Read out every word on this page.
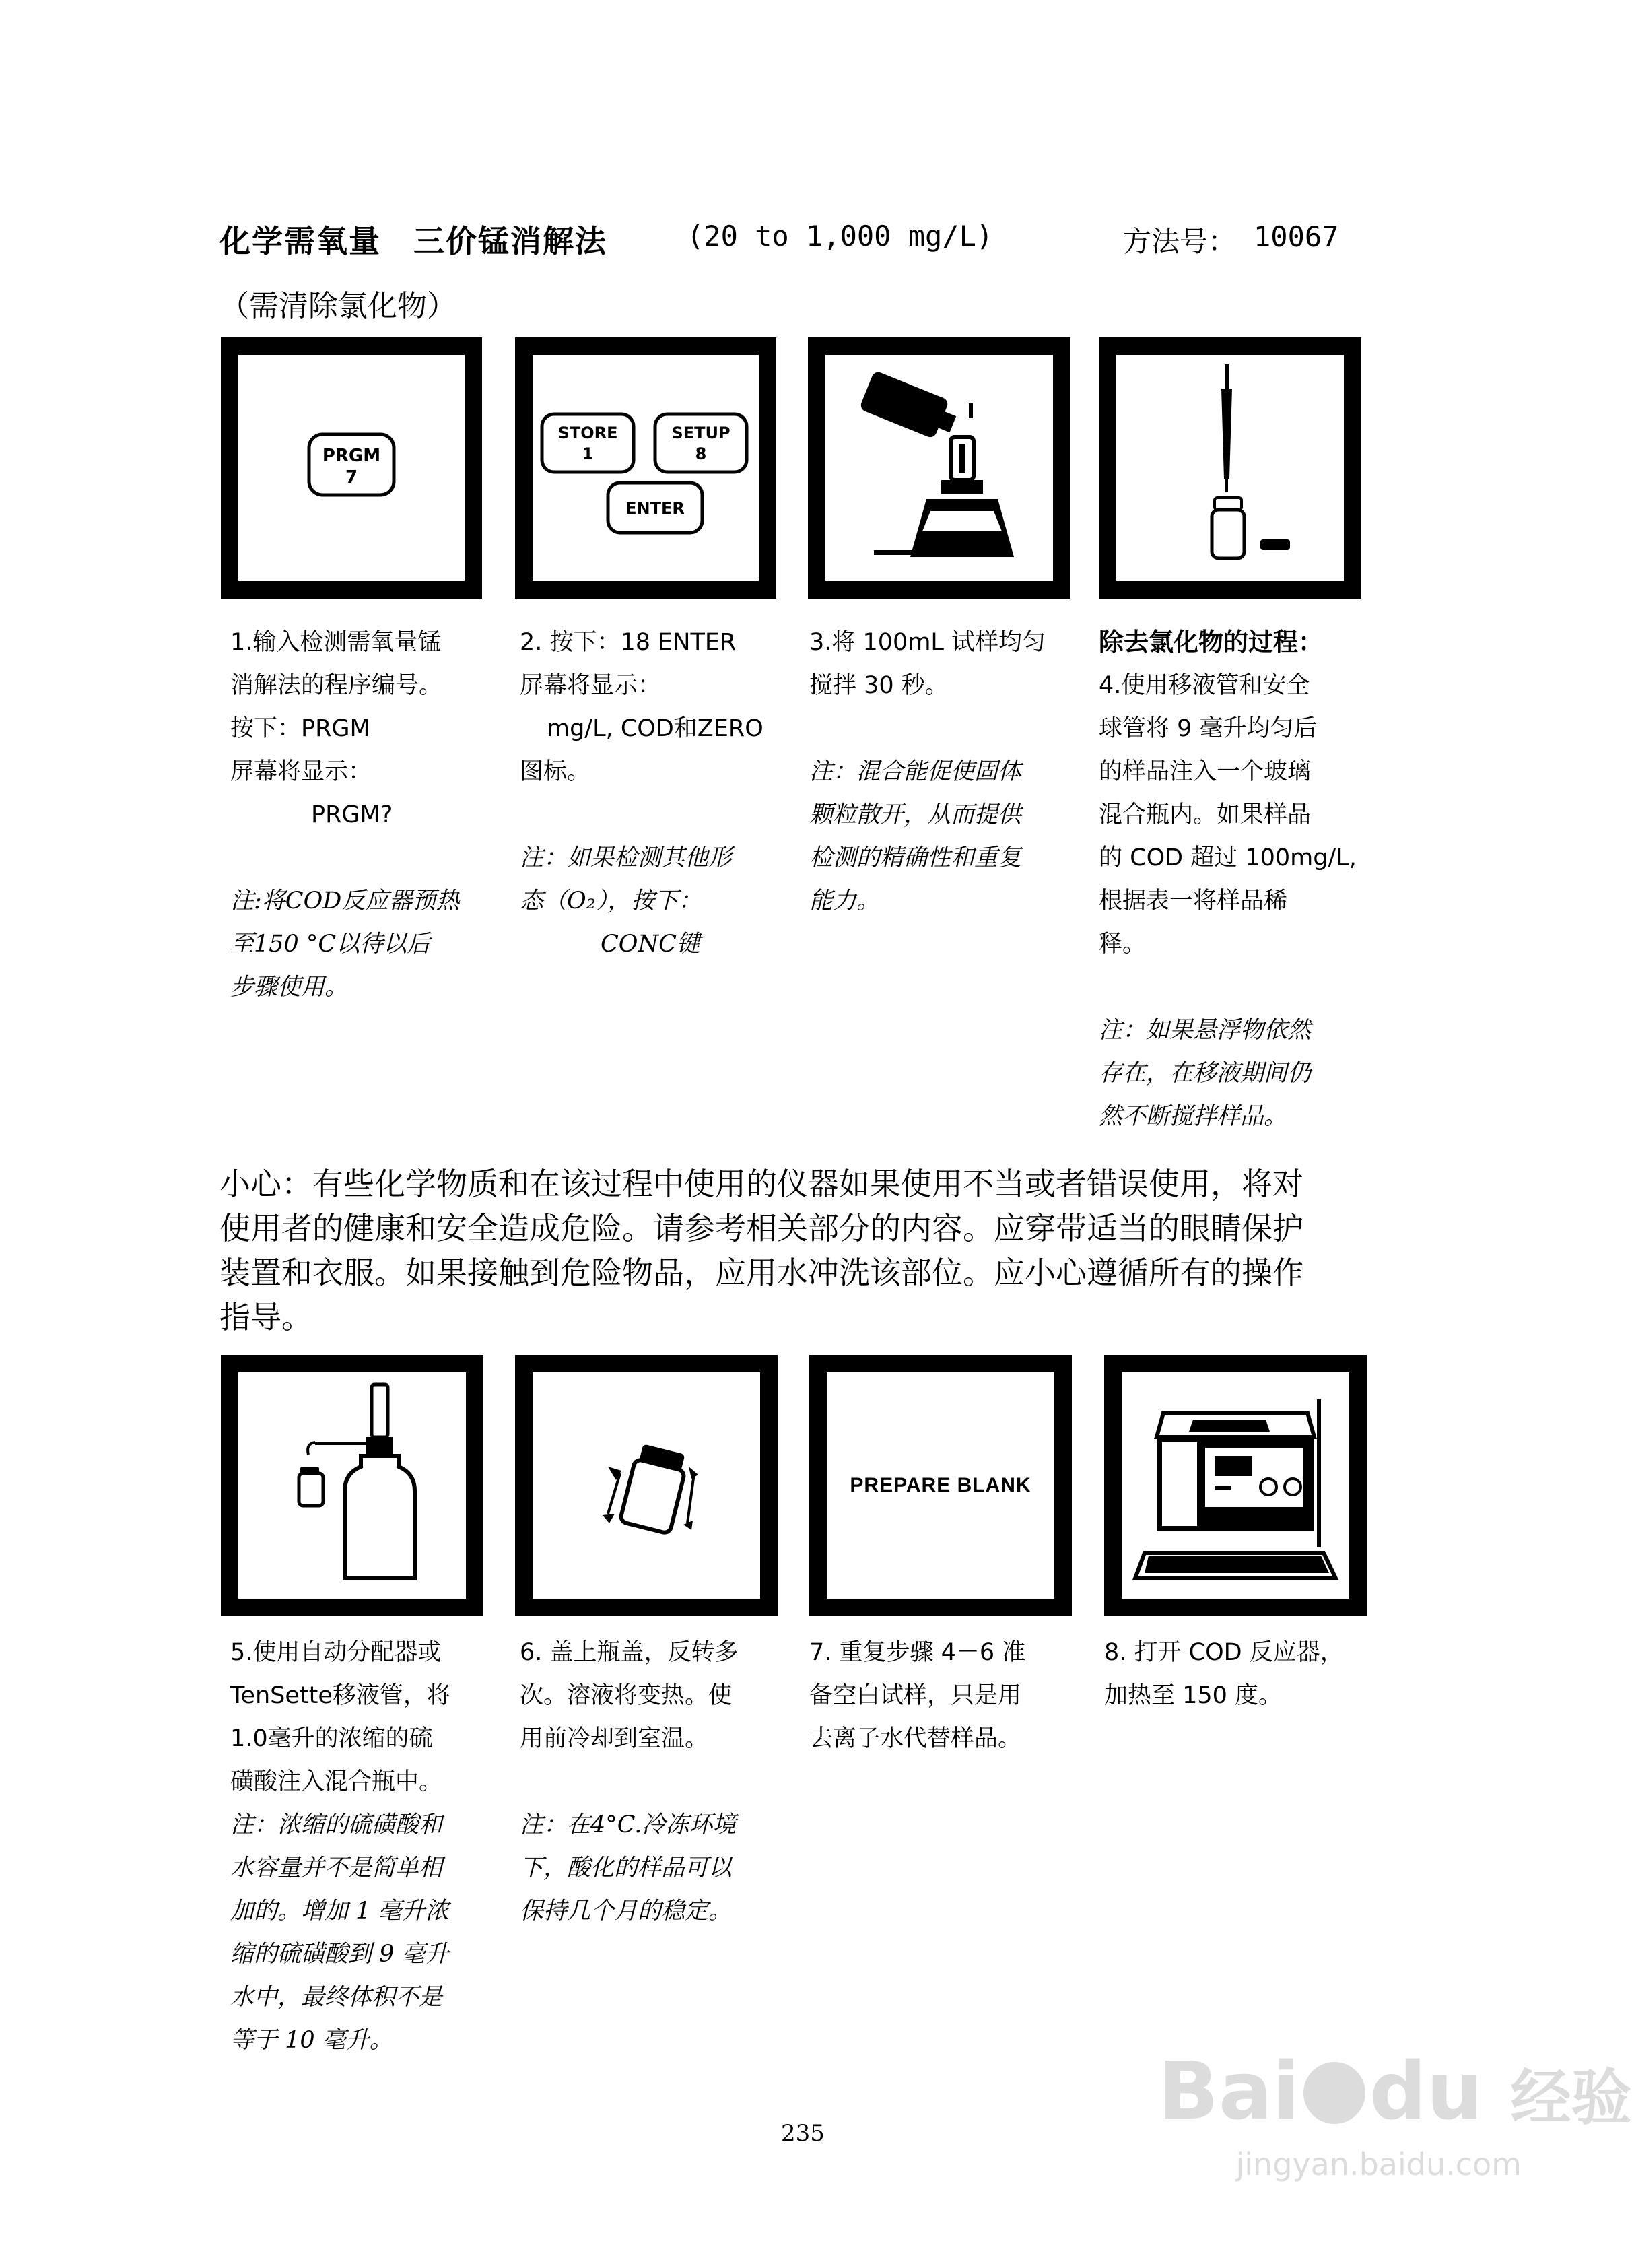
化学需氧量　三价锰消解法	(20 to 1,000 mg/L)	方法号： 10067
（需清除氯化物）
PRGM
7
STORE
1
SETUP
8
ENTER
1.输入检测需氧量锰
消解法的程序编号。
按下：PRGM
屏幕将显示：
PRGM?
注:将COD反应器预热
至150 °C以待以后
步骤使用。
2. 按下：18 ENTER
屏幕将显示：
mg/L, COD和ZERO
图标。
注：如果检测其他形
态（O₂），按下：
CONC键
3.将 100mL 试样均匀
搅拌 30 秒。
注：混合能促使固体
颗粒散开，从而提供
检测的精确性和重复
能力。
除去氯化物的过程：
4.使用移液管和安全
球管将 9 毫升均匀后
的样品注入一个玻璃
混合瓶内。如果样品
的 COD 超过 100mg/L,
根据表一将样品稀
释。
注：如果悬浮物依然
存在，在移液期间仍
然不断搅拌样品。
小心：有些化学物质和在该过程中使用的仪器如果使用不当或者错误使用，将对
使用者的健康和安全造成危险。请参考相关部分的内容。应穿带适当的眼睛保护
装置和衣服。如果接触到危险物品，应用水冲洗该部位。应小心遵循所有的操作
指导。
PREPARE BLANK
5.使用自动分配器或
TenSette移液管，将
1.0毫升的浓缩的硫
磺酸注入混合瓶中。
注：浓缩的硫磺酸和
水容量并不是简单相
加的。增加 1 毫升浓
缩的硫磺酸到 9 毫升
水中，最终体积不是
等于 10 毫升。
6. 盖上瓶盖，反转多
次。溶液将变热。使
用前冷却到室温。
注：在4°C.冷冻环境
下，酸化的样品可以
保持几个月的稳定。
7. 重复步骤 4－6 准
备空白试样，只是用
去离子水代替样品。
8. 打开 COD 反应器，
加热至 150 度。
235	Bai du 经验
jingyan.baidu.com
